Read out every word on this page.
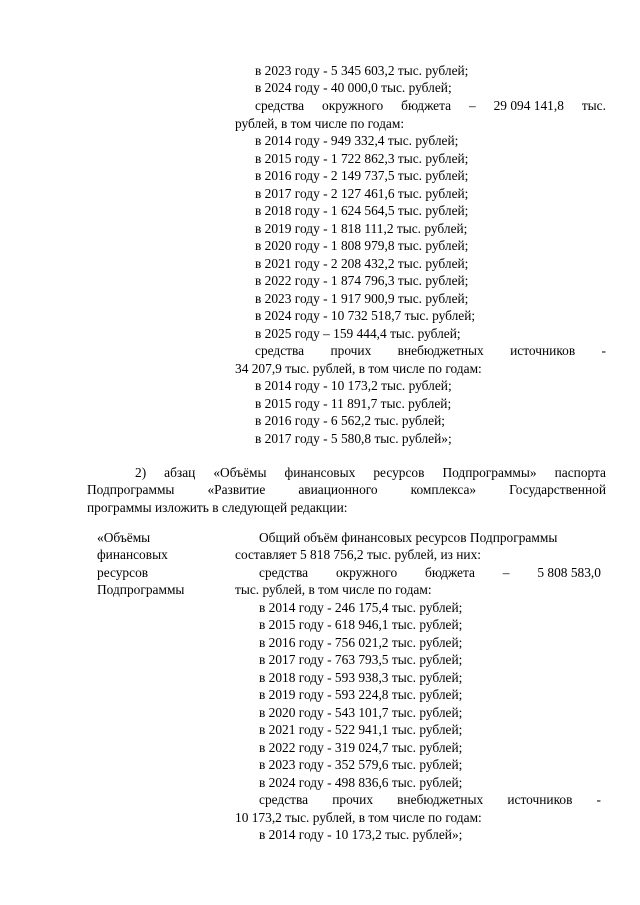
в 2023 году - 5 345 603,2 тыс. рублей;
в 2024 году - 40 000,0 тыс. рублей;
средства окружного бюджета – 29 094 141,8 тыс.
рублей, в том числе по годам:
в 2014 году - 949 332,4 тыс. рублей;
в 2015 году - 1 722 862,3 тыс. рублей;
в 2016 году - 2 149 737,5 тыс. рублей;
в 2017 году - 2 127 461,6 тыс. рублей;
в 2018 году - 1 624 564,5 тыс. рублей;
в 2019 году - 1 818 111,2 тыс. рублей;
в 2020 году - 1 808 979,8 тыс. рублей;
в 2021 году - 2 208 432,2 тыс. рублей;
в 2022 году - 1 874 796,3 тыс. рублей;
в 2023 году - 1 917 900,9 тыс. рублей;
в 2024 году - 10 732 518,7 тыс. рублей;
в 2025 году – 159 444,4 тыс. рублей;
средства прочих внебюджетных источников -
34 207,9 тыс. рублей, в том числе по годам:
в 2014 году - 10 173,2 тыс. рублей;
в 2015 году - 11 891,7 тыс. рублей;
в 2016 году - 6 562,2 тыс. рублей;
в 2017 году - 5 580,8 тыс. рублей»;
2) абзац «Объёмы финансовых ресурсов Подпрограммы» паспорта
Подпрограммы «Развитие авиационного комплекса» Государственной
программы изложить в следующей редакции:
«Объёмы
финансовых
ресурсов
Подпрограммы
Общий объём финансовых ресурсов Подпрограммы
составляет 5 818 756,2 тыс. рублей, из них:
средства окружного бюджета – 5 808 583,0
тыс. рублей, в том числе по годам:
в 2014 году - 246 175,4 тыс. рублей;
в 2015 году - 618 946,1 тыс. рублей;
в 2016 году - 756 021,2 тыс. рублей;
в 2017 году - 763 793,5 тыс. рублей;
в 2018 году - 593 938,3 тыс. рублей;
в 2019 году - 593 224,8 тыс. рублей;
в 2020 году - 543 101,7 тыс. рублей;
в 2021 году - 522 941,1 тыс. рублей;
в 2022 году - 319 024,7 тыс. рублей;
в 2023 году - 352 579,6 тыс. рублей;
в 2024 году - 498 836,6 тыс. рублей;
средства прочих внебюджетных источников -
10 173,2 тыс. рублей, в том числе по годам:
в 2014 году - 10 173,2 тыс. рублей»;
